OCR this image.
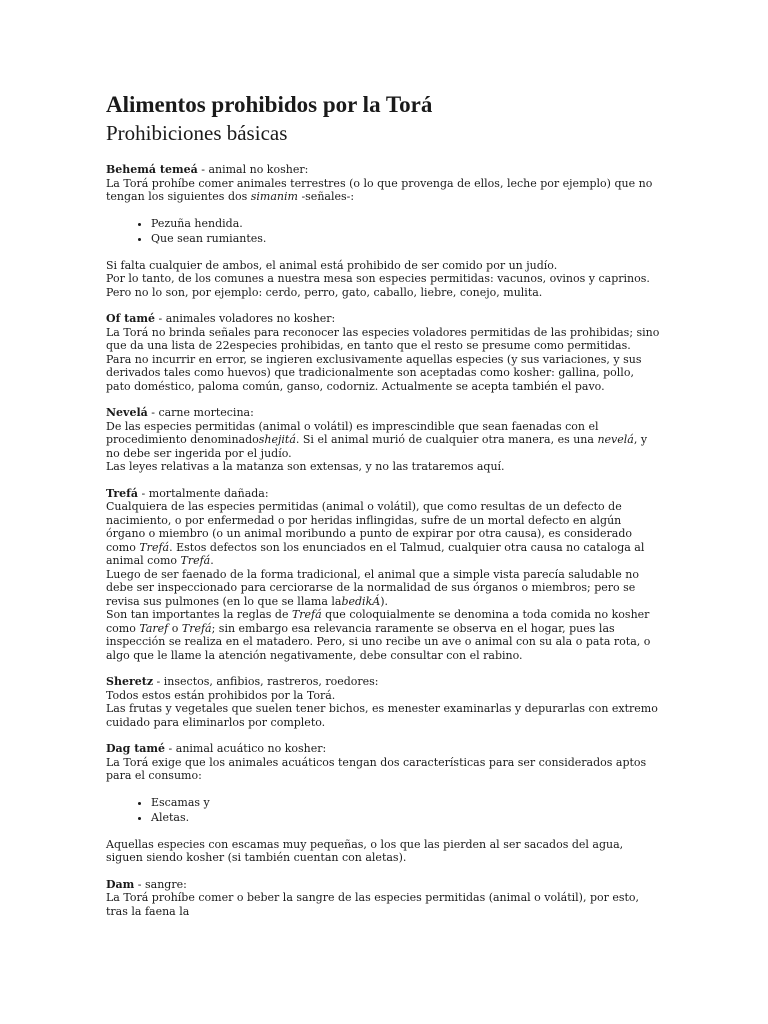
Alimentos prohibidos por la Torá
Prohibiciones básicas

Behemá temeá - animal no kosher:

La Torá prohíbe comer animales terrestres (o lo que provenga de ellos, leche por ejemplo) que no tengan los siguientes dos simanim -señales-:

• Pezuña hendida.
• Que sean rumiantes.

Si falta cualquier de ambos, el animal está prohibido de ser comido por un judío.

Por lo tanto, de los comunes a nuestra mesa son especies permitidas: vacunos, ovinos y caprinos.

Pero no lo son, por ejemplo: cerdo, perro, gato, caballo, liebre, conejo, mulita.

Of tamé - animales voladores no kosher:

La Torá no brinda señales para reconocer las especies voladores permitidas de las prohibidas; sino que da una lista de 22especies prohibidas, en tanto que el resto se presume como permitidas.

Para no incurrir en error, se ingieren exclusivamente aquellas especies (y sus variaciones, y sus derivados tales como huevos) que tradicionalmente son aceptadas como kosher: gallina, pollo, pato doméstico, paloma común, ganso, codorniz. Actualmente se acepta también el pavo.

Nevelá - carne mortecina:

De las especies permitidas (animal o volátil) es imprescindible que sean faenadas con el procedimiento denominadoshejitá. Si el animal murió de cualquier otra manera, es una nevelá, y no debe ser ingerida por el judío.

Las leyes relativas a la matanza son extensas, y no las trataremos aquí.

Trefá - mortalmente dañada:

Cualquiera de las especies permitidas (animal o volátil), que como resultas de un defecto de nacimiento, o por enfermedad o por heridas inflingidas, sufre de un mortal defecto en algún órgano o miembro (o un animal moribundo a punto de expirar por otra causa), es considerado como Trefá. Estos defectos son los enunciados en el Talmud, cualquier otra causa no cataloga al animal como Trefá.

Luego de ser faenado de la forma tradicional, el animal que a simple vista parecía saludable no debe ser inspeccionado para cerciorarse de la normalidad de sus órganos o miembros; pero se revisa sus pulmones (en lo que se llama labedikÁ).

Son tan importantes la reglas de Trefá que coloquialmente se denomina a toda comida no kosher como Taref o Trefá; sin embargo esa relevancia raramente se observa en el hogar, pues las inspección se realiza en el matadero. Pero, si uno recibe un ave o animal con su ala o pata rota, o algo que le llame la atención negativamente, debe consultar con el rabino.

Sheretz - insectos, anfibios, rastreros, roedores:

Todos estos están prohibidos por la Torá.

Las frutas y vegetales que suelen tener bichos, es menester examinarlas y depurarlas con extremo cuidado para eliminarlos por completo.

Dag tamé - animal acuático no kosher:

La Torá exige que los animales acuáticos tengan dos características para ser considerados aptos para el consumo:

• Escamas y
• Aletas.

Aquellas especies con escamas muy pequeñas, o los que las pierden al ser sacados del agua, siguen siendo kosher (si también cuentan con aletas).

Dam - sangre:

La Torá prohíbe comer o beber la sangre de las especies permitidas (animal o volátil), por esto, tras la faena la
